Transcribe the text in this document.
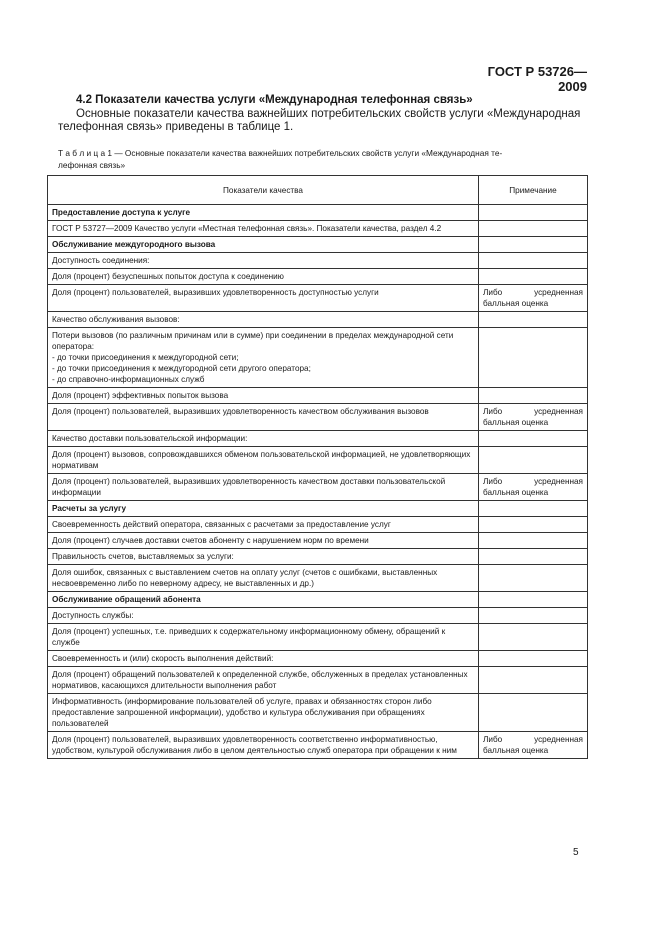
ГОСТ Р 53726—2009
4.2 Показатели качества услуги «Международная телефонная связь»
Основные показатели качества важнейших потребительских свойств услуги «Международная
телефонная связь» приведены в таблице 1.
Т а б л и ц а 1 — Основные показатели качества важнейших потребительских свойств услуги «Международная те-
лефонная связь»
Показатели качества	Примечание

Предоставление доступа к услуге	

ГОСТ Р 53727—2009 Качество услуги «Местная телефонная связь». Показатели качества, раздел 4.2	

Обслуживание междугородного вызова	

Доступность соединения:	

Доля (процент) безуспешных попыток доступа к соединению	

Доля (процент) пользователей, выразивших удовлетворенность доступностью услуги	Либо усредненная балльная оценка

Качество обслуживания вызовов:	

Потери вызовов (по различным причинам или в сумме) при соединении в пределах международной сети оператора:
- до точки присоединения к междугородной сети;
- до точки присоединения к междугородной сети другого оператора;
- до справочно-информационных служб	

Доля (процент) эффективных попыток вызова	

Доля (процент) пользователей, выразивших удовлетворенность качеством обслуживания вызовов	Либо усредненная балльная оценка

Качество доставки пользовательской информации:	

Доля (процент) вызовов, сопровождавшихся обменом пользовательской информацией, не удовлетворяющих нормативам	

Доля (процент) пользователей, выразивших удовлетворенность качеством доставки пользовательской информации	Либо усредненная балльная оценка

Расчеты за услугу	

Своевременность действий оператора, связанных с расчетами за предоставление услуг	

Доля (процент) случаев доставки счетов абоненту с нарушением норм по времени	

Правильность счетов, выставляемых за услуги:	

Доля ошибок, связанных с выставлением счетов на оплату услуг (счетов с ошибками, выставленных несвоевременно либо по неверному адресу, не выставленных и др.)	

Обслуживание обращений абонента	

Доступность службы:	

Доля (процент) успешных, т.е. приведших к содержательному информационному обмену, обращений к службе	

Своевременность и (или) скорость выполнения действий:	

Доля (процент) обращений пользователей к определенной службе, обслуженных в пределах установленных нормативов, касающихся длительности выполнения работ	

Информативность (информирование пользователей об услуге, правах и обязанностях сторон либо предоставление запрошенной информации), удобство и культура обслуживания при обращениях пользователей	

Доля (процент) пользователей, выразивших удовлетворенность соответственно информативностью, удобством, культурой обслуживания либо в целом деятельностью служб оператора при обращении к ним	Либо усредненная балльная оценка
5
